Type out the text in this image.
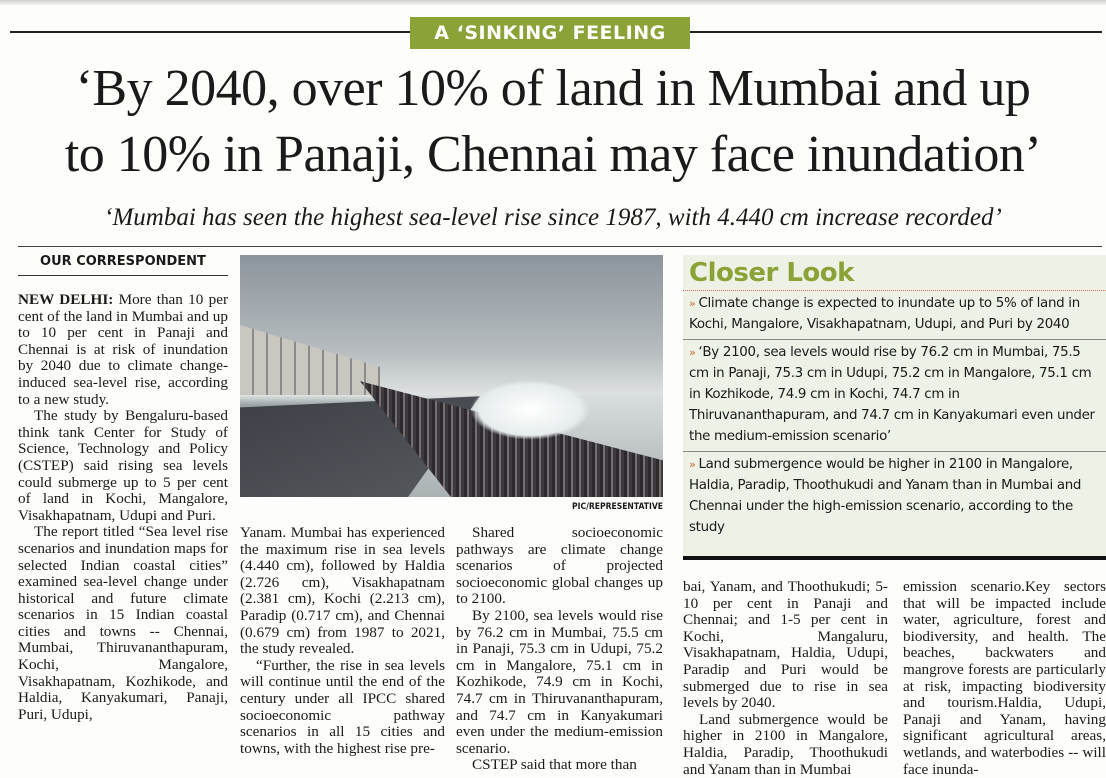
A ‘SINKING’ FEELING
‘By 2040, over 10% of land in Mumbai and up
to 10% in Panaji, Chennai may face inundation’
‘Mumbai has seen the highest sea-level rise since 1987, with 4.440 cm increase recorded’
OUR CORRESPONDENT

NEW DELHI: More than 10 per cent of the land in Mumbai and up to 10 per cent in Panaji and Chennai is at risk of inundation by 2040 due to climate change-induced sea-level rise, according to a new study.

The study by Bengaluru-based think tank Center for Study of Science, Technology and Policy (CSTEP) said rising sea levels could submerge up to 5 per cent of land in Kochi, Mangalore, Visakhapatnam, Udupi and Puri.

The report titled “Sea level rise scenarios and inundation maps for selected Indian coastal cities” examined sea-level change under historical and future climate scenarios in 15 Indian coastal cities and towns -- Chennai, Mumbai, Thiruvananthapuram, Kochi, Mangalore, Visakhapatnam, Kozhikode, and Haldia, Kanyakumari, Panaji, Puri, Udupi,

PIC/REPRESENTATIVE

Yanam. Mumbai has experienced the maximum rise in sea levels (4.440 cm), followed by Haldia (2.726 cm), Visakhapatnam (2.381 cm), Kochi (2.213 cm), Paradip (0.717 cm), and Chennai (0.679 cm) from 1987 to 2021, the study revealed.

“Further, the rise in sea levels will continue until the end of the century under all IPCC shared socioeconomic pathway scenarios in all 15 cities and towns, with the highest rise pre-

Shared socioeconomic pathways are climate change scenarios of projected socioeconomic global changes up to 2100.

By 2100, sea levels would rise by 76.2 cm in Mumbai, 75.5 cm in Panaji, 75.3 cm in Udupi, 75.2 cm in Mangalore, 75.1 cm in Kozhikode, 74.9 cm in Kochi, 74.7 cm in Thiruvananthapuram, and 74.7 cm in Kanyakumari even under the medium-emission scenario.

CSTEP said that more than

Closer Look
» Climate change is expected to inundate up to 5% of land in Kochi, Mangalore, Visakhapatnam, Udupi, and Puri by 2040
» ‘By 2100, sea levels would rise by 76.2 cm in Mumbai, 75.5 cm in Panaji, 75.3 cm in Udupi, 75.2 cm in Mangalore, 75.1 cm in Kozhikode, 74.9 cm in Kochi, 74.7 cm in Thiruvananthapuram, and 74.7 cm in Kanyakumari even under the medium-emission scenario’
» Land submergence would be higher in 2100 in Mangalore, Haldia, Paradip, Thoothukudi and Yanam than in Mumbai and Chennai under the high-emission scenario, according to the study

bai, Yanam, and Thoothukudi; 5-10 per cent in Panaji and Chennai; and 1-5 per cent in Kochi, Mangaluru, Visakhapatnam, Haldia, Udupi, Paradip and Puri would be submerged due to rise in sea levels by 2040.

Land submergence would be higher in 2100 in Mangalore, Haldia, Paradip, Thoothukudi and Yanam than in Mumbai

emission scenario.Key sectors that will be impacted include water, agriculture, forest and biodiversity, and health. The beaches, backwaters and mangrove forests are particularly at risk, impacting biodiversity and tourism.Haldia, Udupi, Panaji and Yanam, having significant agricultural areas, wetlands, and waterbodies -- will face inunda-
